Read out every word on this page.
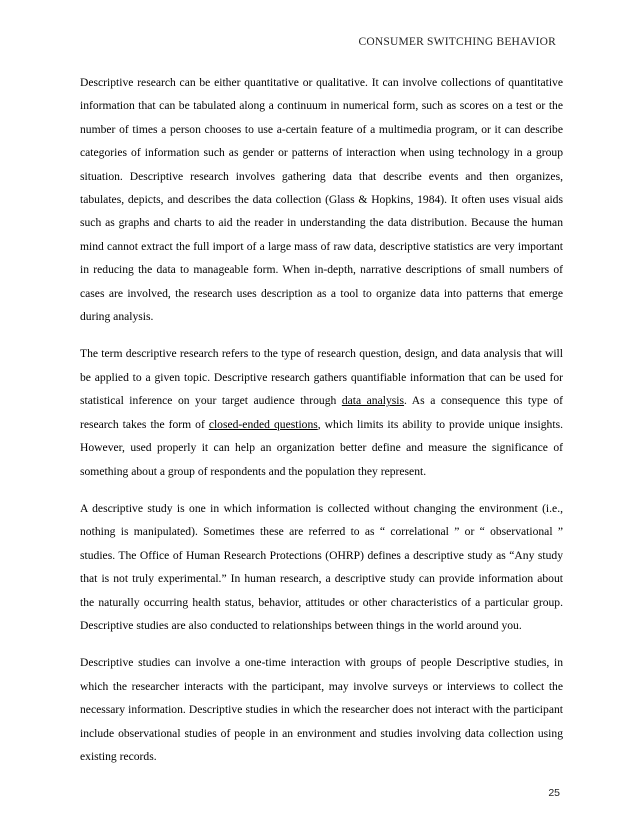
CONSUMER SWITCHING BEHAVIOR

Descriptive research can be either quantitative or qualitative. It can involve collections of quantitative information that can be tabulated along a continuum in numerical form, such as scores on a test or the number of times a person chooses to use a-certain feature of a multimedia program, or it can describe categories of information such as gender or patterns of interaction when using technology in a group situation. Descriptive research involves gathering data that describe events and then organizes, tabulates, depicts, and describes the data collection (Glass & Hopkins, 1984). It often uses visual aids such as graphs and charts to aid the reader in understanding the data distribution. Because the human mind cannot extract the full import of a large mass of raw data, descriptive statistics are very important in reducing the data to manageable form. When in-depth, narrative descriptions of small numbers of cases are involved, the research uses description as a tool to organize data into patterns that emerge during analysis.

The term descriptive research refers to the type of research question, design, and data analysis that will be applied to a given topic. Descriptive research gathers quantifiable information that can be used for statistical inference on your target audience through data analysis. As a consequence this type of research takes the form of closed-ended questions, which limits its ability to provide unique insights. However, used properly it can help an organization better define and measure the significance of something about a group of respondents and the population they represent.

A descriptive study is one in which information is collected without changing the environment (i.e., nothing is manipulated). Sometimes these are referred to as “ correlational ” or “ observational ” studies. The Office of Human Research Protections (OHRP) defines a descriptive study as “Any study that is not truly experimental.” In human research, a descriptive study can provide information about the naturally occurring health status, behavior, attitudes or other characteristics of a particular group. Descriptive studies are also conducted to relationships between things in the world around you.

Descriptive studies can involve a one-time interaction with groups of people Descriptive studies, in which the researcher interacts with the participant, may involve surveys or interviews to collect the necessary information. Descriptive studies in which the researcher does not interact with the participant include observational studies of people in an environment and studies involving data collection using existing records.

25
